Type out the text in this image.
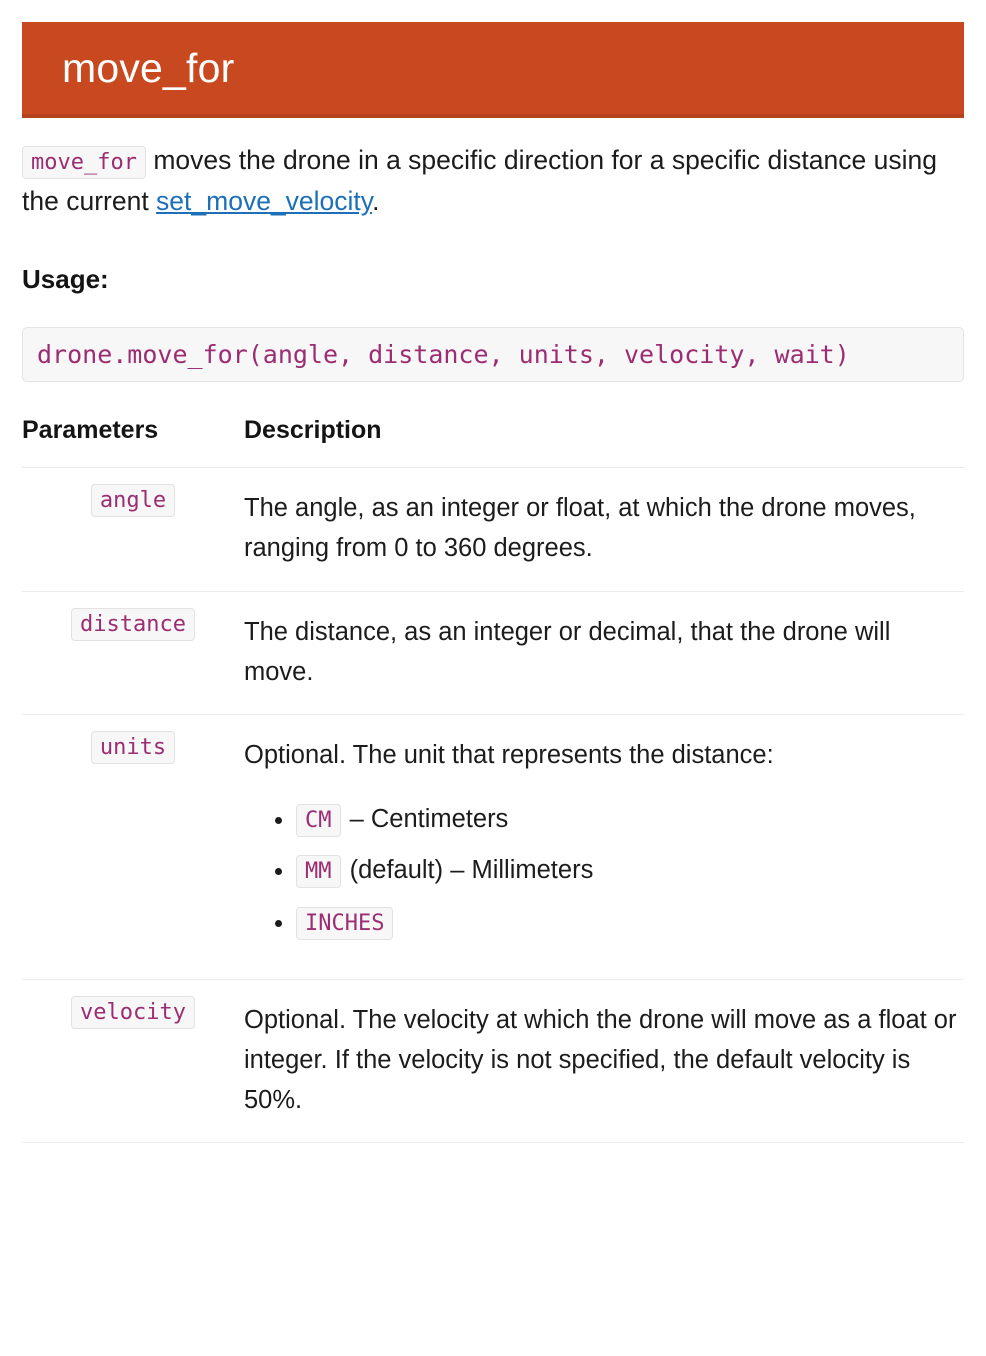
move_for

move_for moves the drone in a specific direction for a specific distance using the current set_move_velocity.

Usage:
drone.move_for(angle, distance, units, velocity, wait)
Parameters	Description
angle	The angle, as an integer or float, at which the drone moves, ranging from 0 to 360 degrees.
distance	The distance, as an integer or decimal, that the drone will move.
units	Optional. The unit that represents the distance:
• CM – Centimeters
• MM (default) – Millimeters
• INCHES

velocity	Optional. The velocity at which the drone will move as a float or integer. If the velocity is not specified, the default velocity is 50%.
